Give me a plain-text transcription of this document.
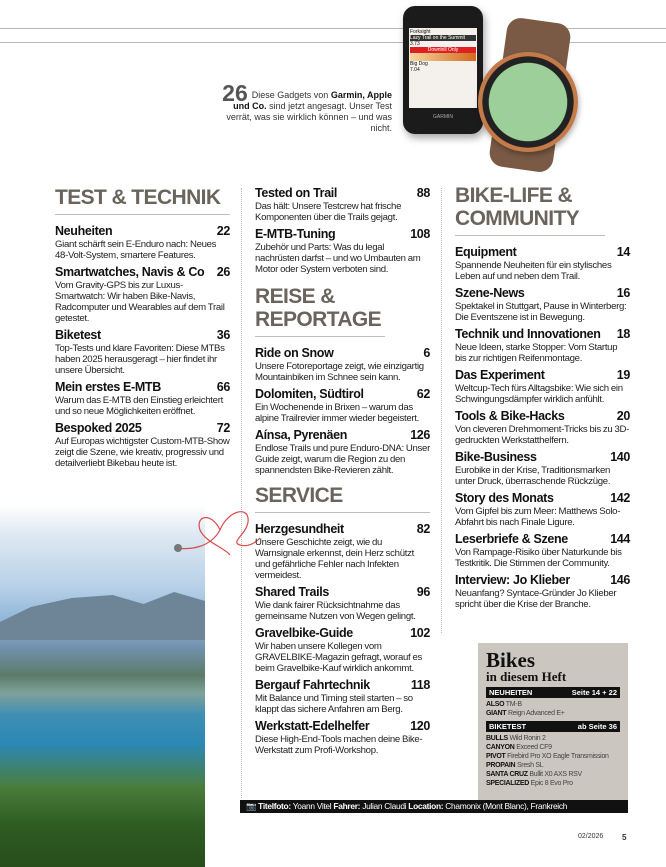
Forksight
Lazy Trail on the Summit
3.73
Downhill Only
Big Dog
7.04
GARMIN
26 Diese Gadgets von Garmin, Apple und Co. sind jetzt angesagt. Unser Test verrät, was sie wirklich können – und was nicht.
TEST & TECHNIK
Neuheiten	22
Giant schärft sein E-Enduro nach: Neues 48-Volt-System, smartere Features.
Smartwatches, Navis & Co 26
Vom Gravity-GPS bis zur Luxus-Smartwatch: Wir haben Bike-Navis, Radcomputer und Wearables auf dem Trail getestet.
Biketest	36
Top-Tests und klare Favoriten: Diese MTBs haben 2025 herausgeragt – hier findet ihr unsere Übersicht.
Mein erstes E-MTB	66
Warum das E-MTB den Einstieg erleichtert und so neue Möglichkeiten eröffnet.
Bespoked 2025	72
Auf Europas wichtigster Custom-MTB-Show zeigt die Szene, wie kreativ, progressiv und detailverliebt Bikebau heute ist.
Tested on Trail	88
Das hält: Unsere Testcrew hat frische Komponenten über die Trails gejagt.
E-MTB-Tuning	108
Zubehör und Parts: Was du legal nachrüsten darfst – und wo Umbauten am Motor oder System verboten sind.
REISE & REPORTAGE
Ride on Snow	6
Unsere Fotoreportage zeigt, wie einzigartig Mountainbiken im Schnee sein kann.
Dolomiten, Südtirol	62
Ein Wochenende in Brixen – warum das alpine Trailrevier immer wieder begeistert.
Aínsa, Pyrenäen	126
Endlose Trails und pure Enduro-DNA: Unser Guide zeigt, warum die Region zu den spannendsten Bike-Revieren zählt.
SERVICE
Herzgesundheit	82
Unsere Geschichte zeigt, wie du Warnsignale erkennst, dein Herz schützt und gefährliche Fehler nach Infekten vermeidest.
Shared Trails	96
Wie dank fairer Rücksichtnahme das gemeinsame Nutzen von Wegen gelingt.
Gravelbike-Guide	102
Wir haben unsere Kollegen vom GRAVELBIKE-Magazin gefragt, worauf es beim Gravelbike-Kauf wirklich ankommt.
Bergauf Fahrtechnik	118
Mit Balance und Timing steil starten – so klappt das sichere Anfahren am Berg.
Werkstatt-Edelhelfer	120
Diese High-End-Tools machen deine Bike-Werkstatt zum Profi-Workshop.
BIKE-LIFE & COMMUNITY
Equipment	14
Spannende Neuheiten für ein stylisches Leben auf und neben dem Trail.
Szene-News	16
Spektakel in Stuttgart, Pause in Winterberg: Die Eventszene ist in Bewegung.
Technik und Innovationen 18
Neue Ideen, starke Stopper: Vom Startup bis zur richtigen Reifenmontage.
Das Experiment	19
Weltcup-Tech fürs Alltagsbike: Wie sich ein Schwingungsdämpfer wirklich anfühlt.
Tools & Bike-Hacks	20
Von cleveren Drehmoment-Tricks bis zu 3D-gedruckten Werkstatthelfern.
Bike-Business	140
Eurobike in der Krise, Traditionsmarken unter Druck, überraschende Rückzüge.
Story des Monats	142
Vom Gipfel bis zum Meer: Matthews Solo-Abfahrt bis nach Finale Ligure.
Leserbriefe & Szene	144
Von Rampage-Risiko über Naturkunde bis Testkritik. Die Stimmen der Community.
Interview: Jo Klieber	146
Neuanfang? Syntace-Gründer Jo Klieber spricht über die Krise der Branche.
Bikes
in diesem Heft
NEUHEITEN	Seite 14 + 22
ALSO TM-B
GIANT Reign Advanced E+
BIKETEST	ab Seite 36
BULLS Wild Ronin 2
CANYON Exceed CF9
PIVOT Firebird Pro XO Eagle Transmission
PROPAIN Sresh SL
SANTA CRUZ Bullit X0 AXS RSV
SPECIALIZED Epic 8 Evo Pro
📷 Titelfoto: Yoann Vitel Fahrer: Julian Claudi Location: Chamonix (Mont Blanc), Frankreich
02/2026 5
